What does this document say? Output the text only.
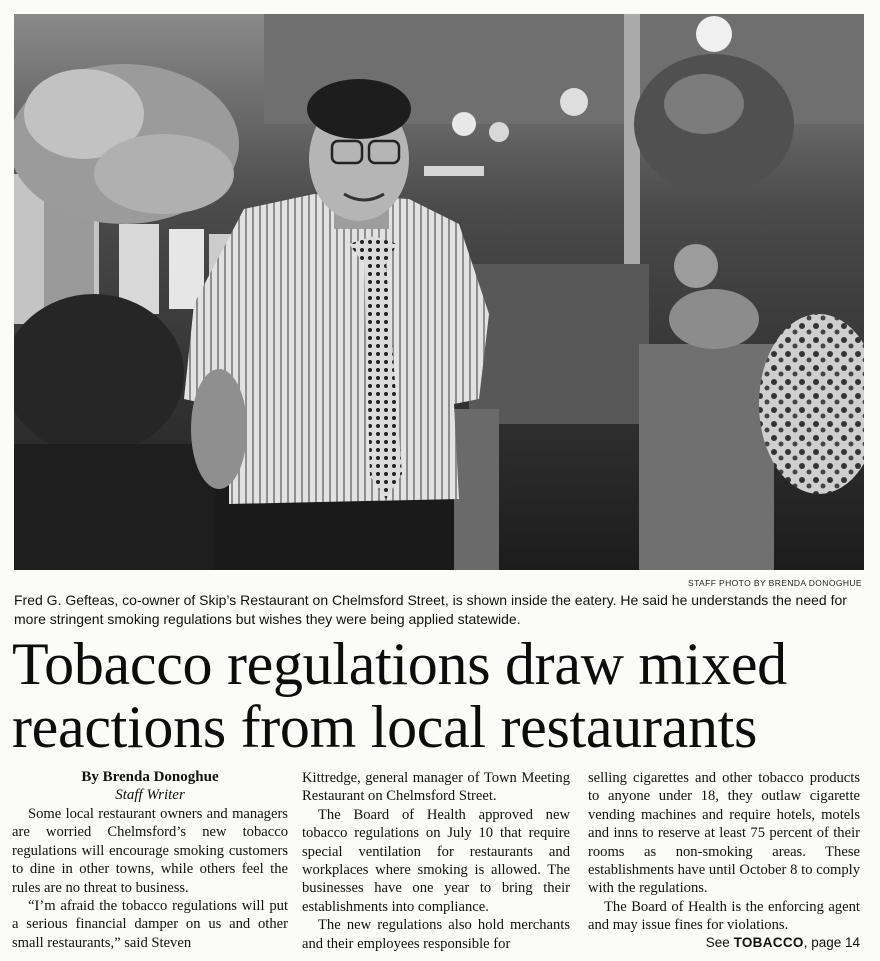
STAFF PHOTO BY BRENDA DONOGHUE
Fred G. Gefteas, co-owner of Skip’s Restaurant on Chelmsford Street, is shown inside the eatery. He said he understands the need for more stringent smoking regulations but wishes they were being applied statewide.
Tobacco regulations draw mixed reactions from local restaurants
By Brenda Donoghue
Staff Writer

Some local restaurant owners and managers are worried Chelmsford’s new tobacco regulations will encourage smoking customers to dine in other towns, while others feel the rules are no threat to business.

“I’m afraid the tobacco regulations will put a serious financial damper on us and other small restaurants,” said Steven

Kittredge, general manager of Town Meeting Restaurant on Chelmsford Street.

The Board of Health approved new tobacco regulations on July 10 that require special ventilation for restaurants and workplaces where smoking is allowed. The businesses have one year to bring their establishments into compliance.

The new regulations also hold merchants and their employees responsible for

selling cigarettes and other tobacco products to anyone under 18, they outlaw cigarette vending machines and require hotels, motels and inns to reserve at least 75 percent of their rooms as non-smoking areas. These establishments have until October 8 to comply with the regulations.

The Board of Health is the enforcing agent and may issue fines for violations.

See TOBACCO, page 14
